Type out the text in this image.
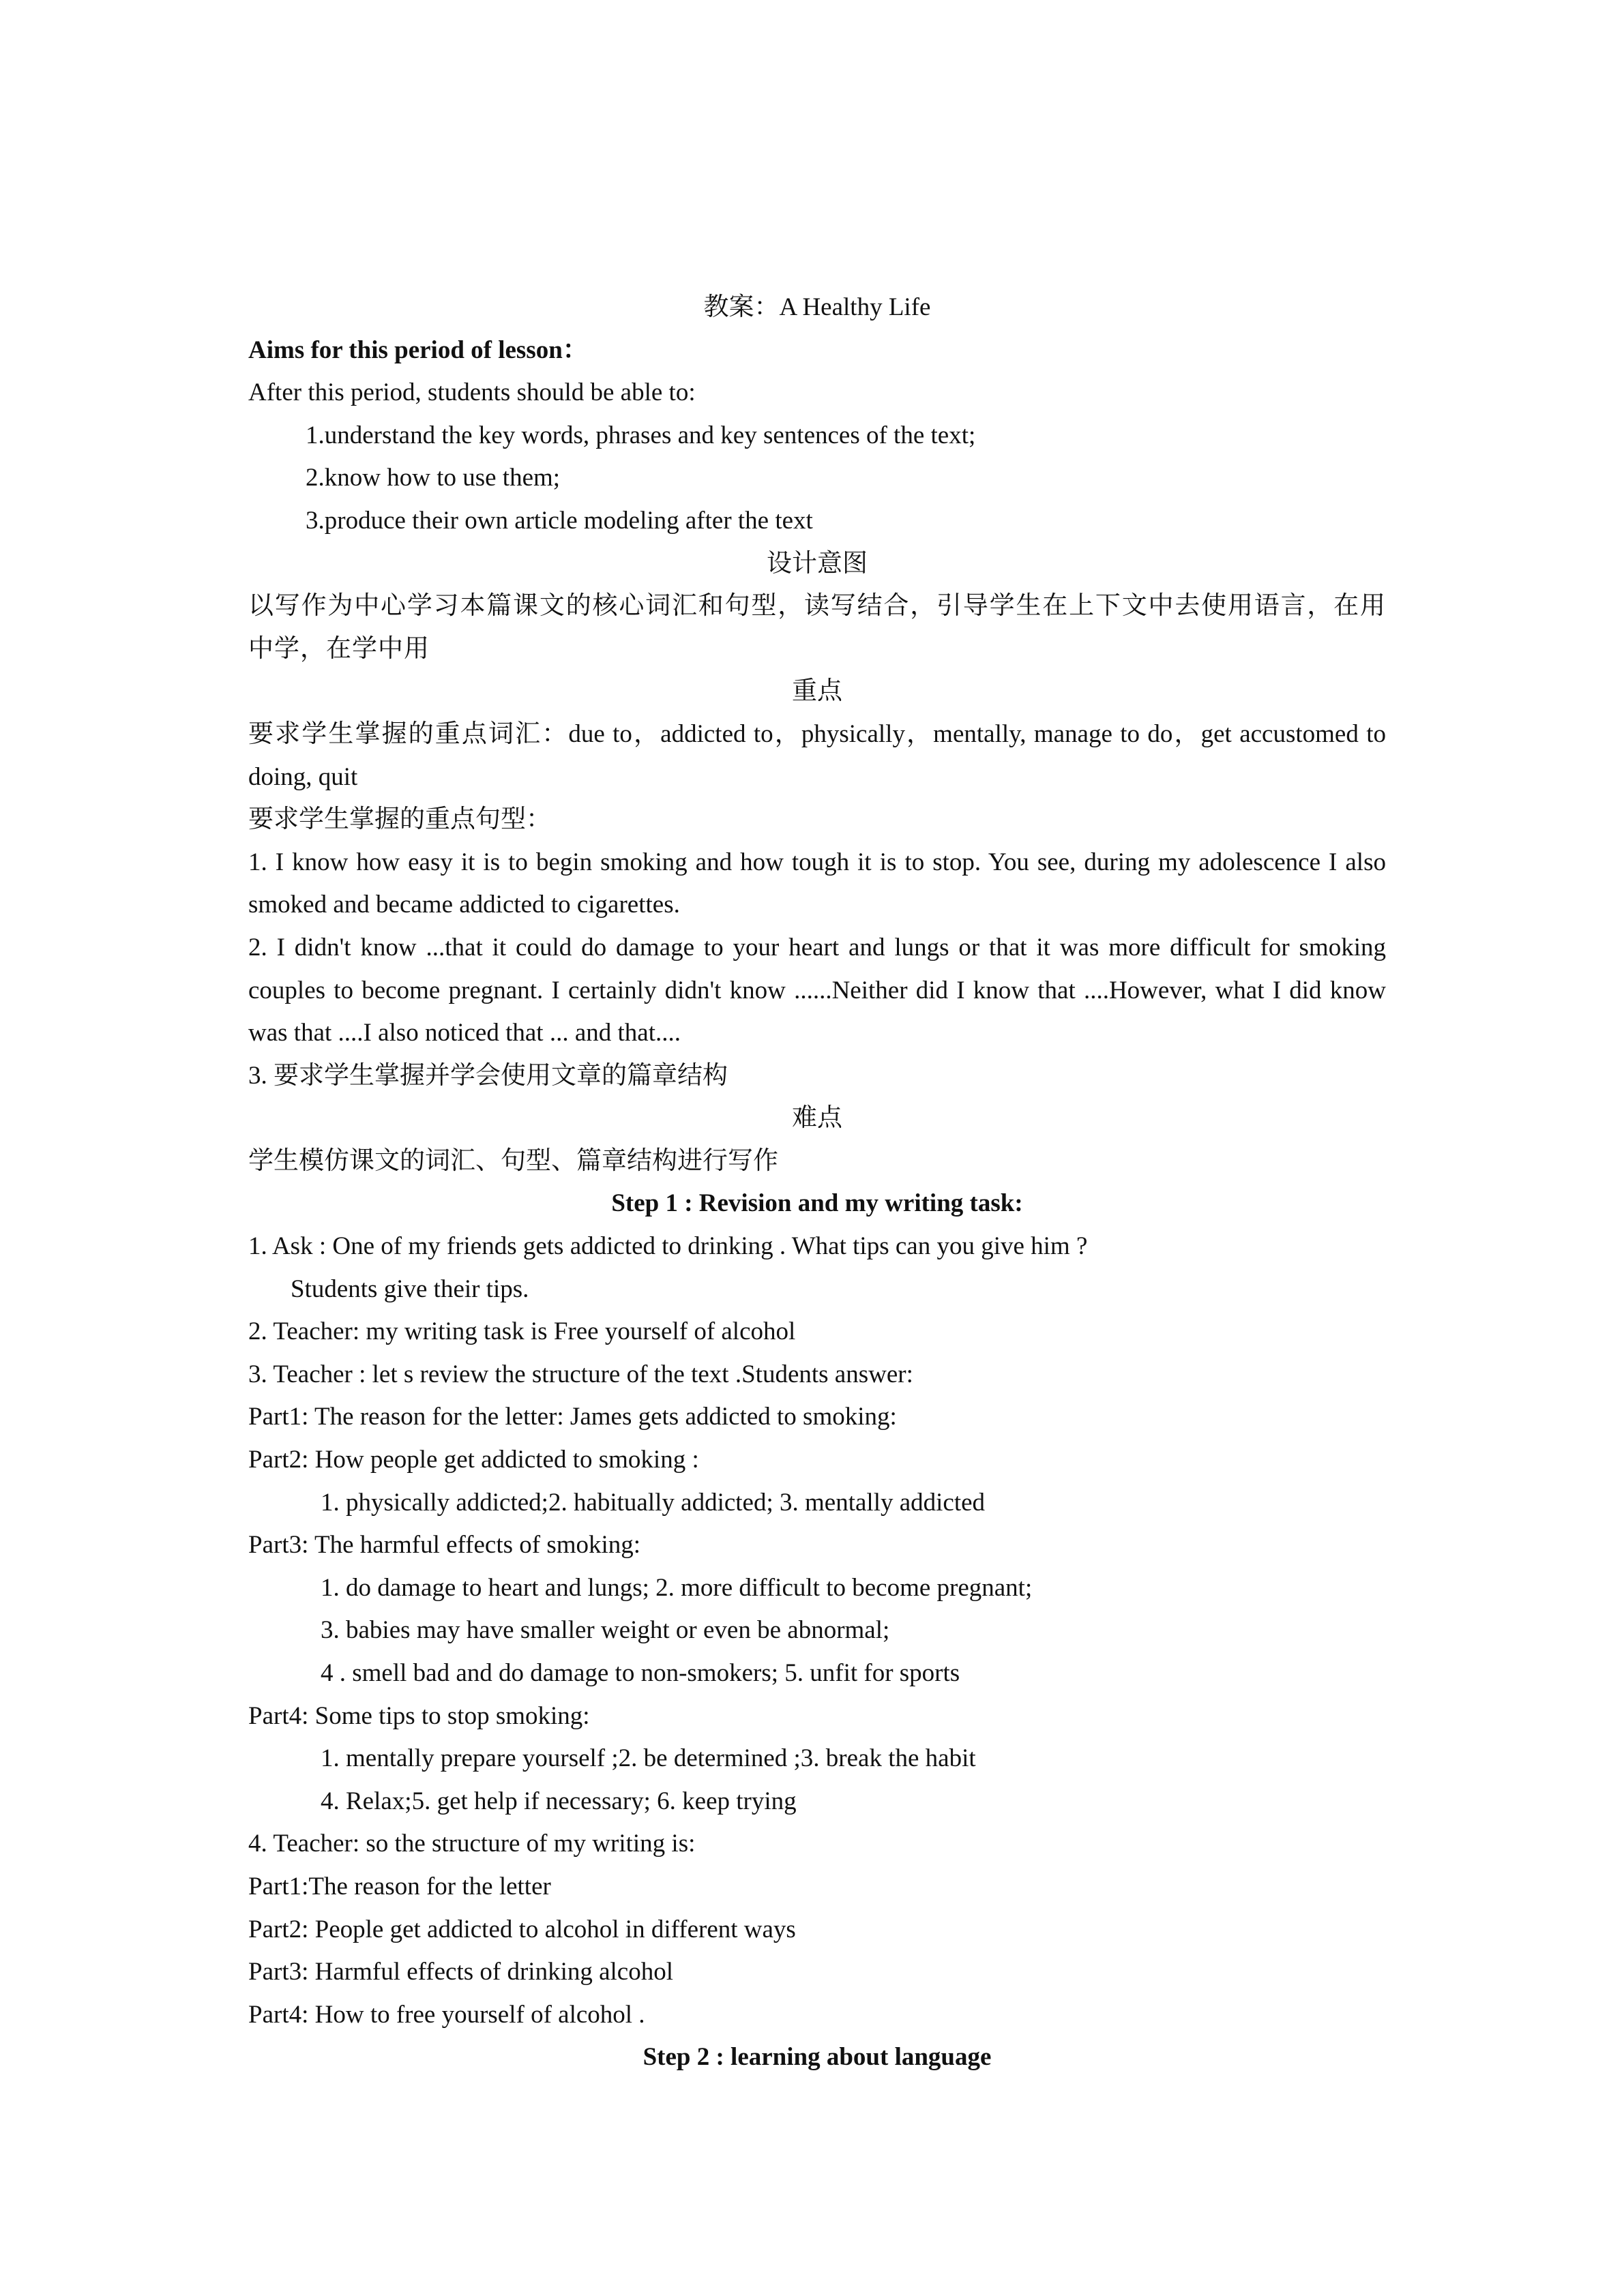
教案：A Healthy Life

Aims for this period of lesson：

After this period, students should be able to:

1.understand the key words, phrases and key sentences of the text;

2.know how to use them;

3.produce their own article modeling after the text

设计意图

以写作为中心学习本篇课文的核心词汇和句型，读写结合，引导学生在上下文中去使用语言，在用中学，在学中用

重点

要求学生掌握的重点词汇：due to，addicted to，physically，mentally, manage to do，get accustomed to doing, quit

要求学生掌握的重点句型：

1. I know how easy it is to begin smoking and how tough it is to stop. You see, during my adolescence I also smoked and became addicted to cigarettes.

2. I didn't know ...that it could do damage to your heart and lungs or that it was more difficult for smoking couples to become pregnant. I certainly didn't know ......Neither did I know that ....However, what I did know was that ....I also noticed that ... and that....

3. 要求学生掌握并学会使用文章的篇章结构

难点

学生模仿课文的词汇、句型、篇章结构进行写作

Step 1 : Revision and my writing task:

1. Ask : One of my friends gets addicted to drinking . What tips can you give him ?

Students give their tips.

2. Teacher: my writing task is Free yourself of alcohol

3. Teacher : let s review the structure of the text .Students answer:

Part1: The reason for the letter: James gets addicted to smoking:

Part2: How people get addicted to smoking :

1. physically addicted;2. habitually addicted; 3. mentally addicted

Part3: The harmful effects of smoking:

1. do damage to heart and lungs; 2. more difficult to become pregnant;

3. babies may have smaller weight or even be abnormal;

4 . smell bad and do damage to non-smokers; 5. unfit for sports

Part4: Some tips to stop smoking:

1. mentally prepare yourself ;2. be determined ;3. break the habit

4. Relax;5. get help if necessary; 6. keep trying

4. Teacher: so the structure of my writing is:

Part1:The reason for the letter

Part2: People get addicted to alcohol in different ways

Part3: Harmful effects of drinking alcohol

Part4: How to free yourself of alcohol .

Step 2 : learning about language
